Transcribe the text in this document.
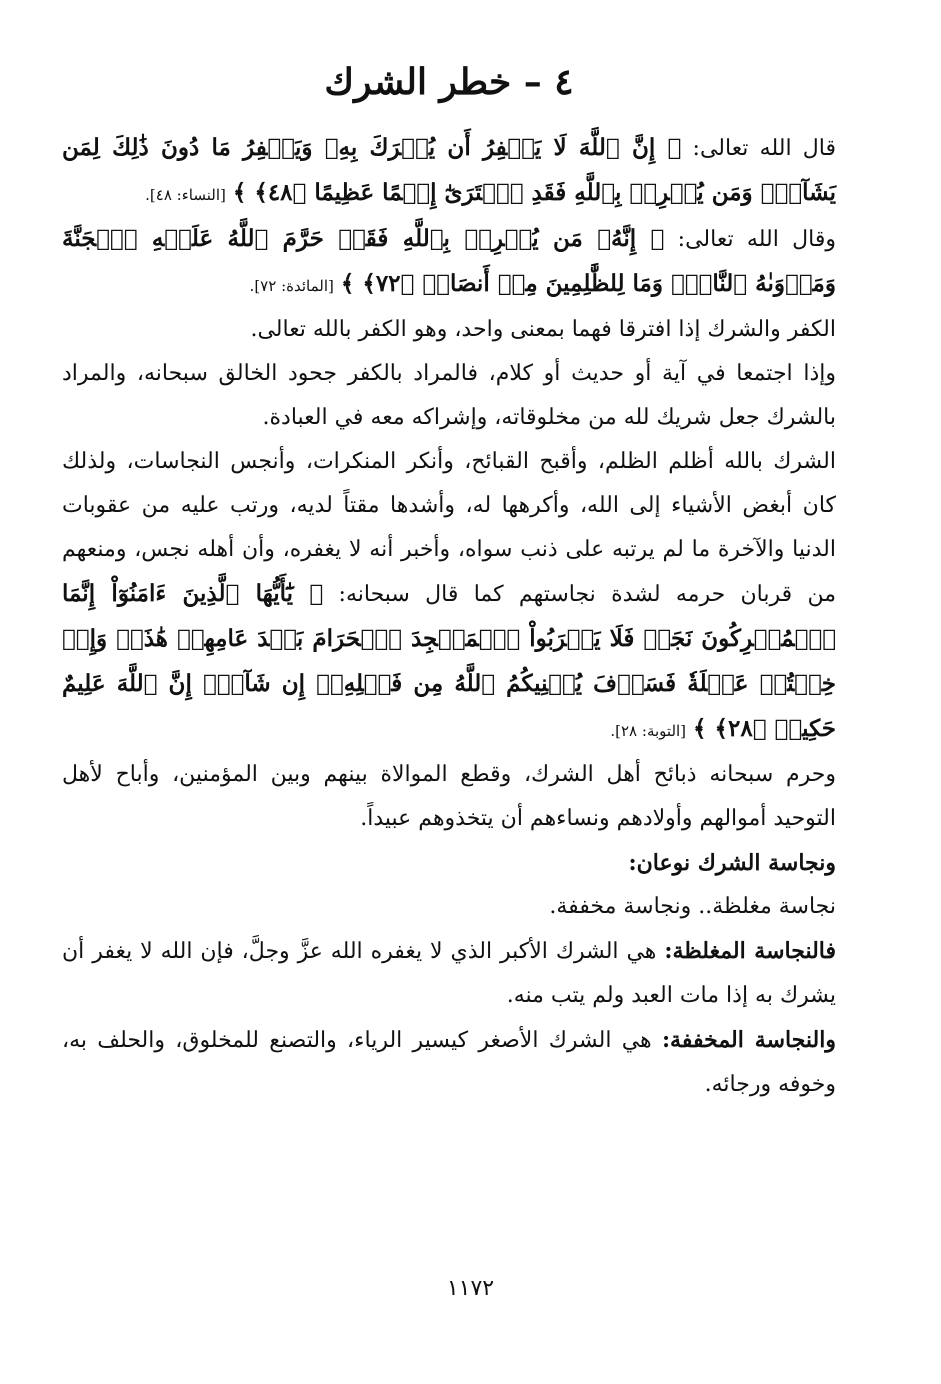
٤ – خطر الشرك

قال الله تعالى: ﴿ إِنَّ ٱللَّهَ لَا يَغۡفِرُ أَن يُشۡرَكَ بِهِۦ وَيَغۡفِرُ مَا دُونَ ذَٰلِكَ لِمَن يَشَآءُۚ وَمَن يُشۡرِكۡ بِٱللَّهِ فَقَدِ ٱفۡتَرَىٰٓ إِثۡمًا عَظِيمًا ﴿٤٨﴾ ﴾ [النساء: ٤٨].

وقال الله تعالى: ﴿ إِنَّهُۥ مَن يُشۡرِكۡ بِٱللَّهِ فَقَدۡ حَرَّمَ ٱللَّهُ عَلَيۡهِ ٱلۡجَنَّةَ وَمَأۡوَىٰهُ ٱلنَّارُۖ وَمَا لِلظَّٰلِمِينَ مِنۡ أَنصَارٖ ﴿٧٢﴾ ﴾ [المائدة: ٧٢].

الكفر والشرك إذا افترقا فهما بمعنى واحد، وهو الكفر بالله تعالى.

وإذا اجتمعا في آية أو حديث أو كلام، فالمراد بالكفر جحود الخالق سبحانه، والمراد بالشرك جعل شريك لله من مخلوقاته، وإشراكه معه في العبادة.

الشرك بالله أظلم الظلم، وأقبح القبائح، وأنكر المنكرات، وأنجس النجاسات، ولذلك كان أبغض الأشياء إلى الله، وأكرهها له، وأشدها مقتاً لديه، ورتب عليه من عقوبات الدنيا والآخرة ما لم يرتبه على ذنب سواه، وأخبر أنه لا يغفره، وأن أهله نجس، ومنعهم من قربان حرمه لشدة نجاستهم كما قال سبحانه: ﴿ يَٰٓأَيُّهَا ٱلَّذِينَ ءَامَنُوٓاْ إِنَّمَا ٱلۡمُشۡرِكُونَ نَجَسٞ فَلَا يَقۡرَبُواْ ٱلۡمَسۡجِدَ ٱلۡحَرَامَ بَعۡدَ عَامِهِمۡ هَٰذَاۚ وَإِنۡ خِفۡتُمۡ عَيۡلَةٗ فَسَوۡفَ يُغۡنِيكُمُ ٱللَّهُ مِن فَضۡلِهِۦٓ إِن شَآءَۚ إِنَّ ٱللَّهَ عَلِيمٌ حَكِيمٞ ﴿٢٨﴾ ﴾ [التوبة: ٢٨].

وحرم سبحانه ذبائح أهل الشرك، وقطع الموالاة بينهم وبين المؤمنين، وأباح لأهل التوحيد أموالهم وأولادهم ونساءهم أن يتخذوهم عبيداً.

ونجاسة الشرك نوعان:

نجاسة مغلظة.. ونجاسة مخففة.

فالنجاسة المغلظة: هي الشرك الأكبر الذي لا يغفره الله عزَّ وجلَّ، فإن الله لا يغفر أن يشرك به إذا مات العبد ولم يتب منه.

والنجاسة المخففة: هي الشرك الأصغر كيسير الرياء، والتصنع للمخلوق، والحلف به، وخوفه ورجائه.

١١٧٢
